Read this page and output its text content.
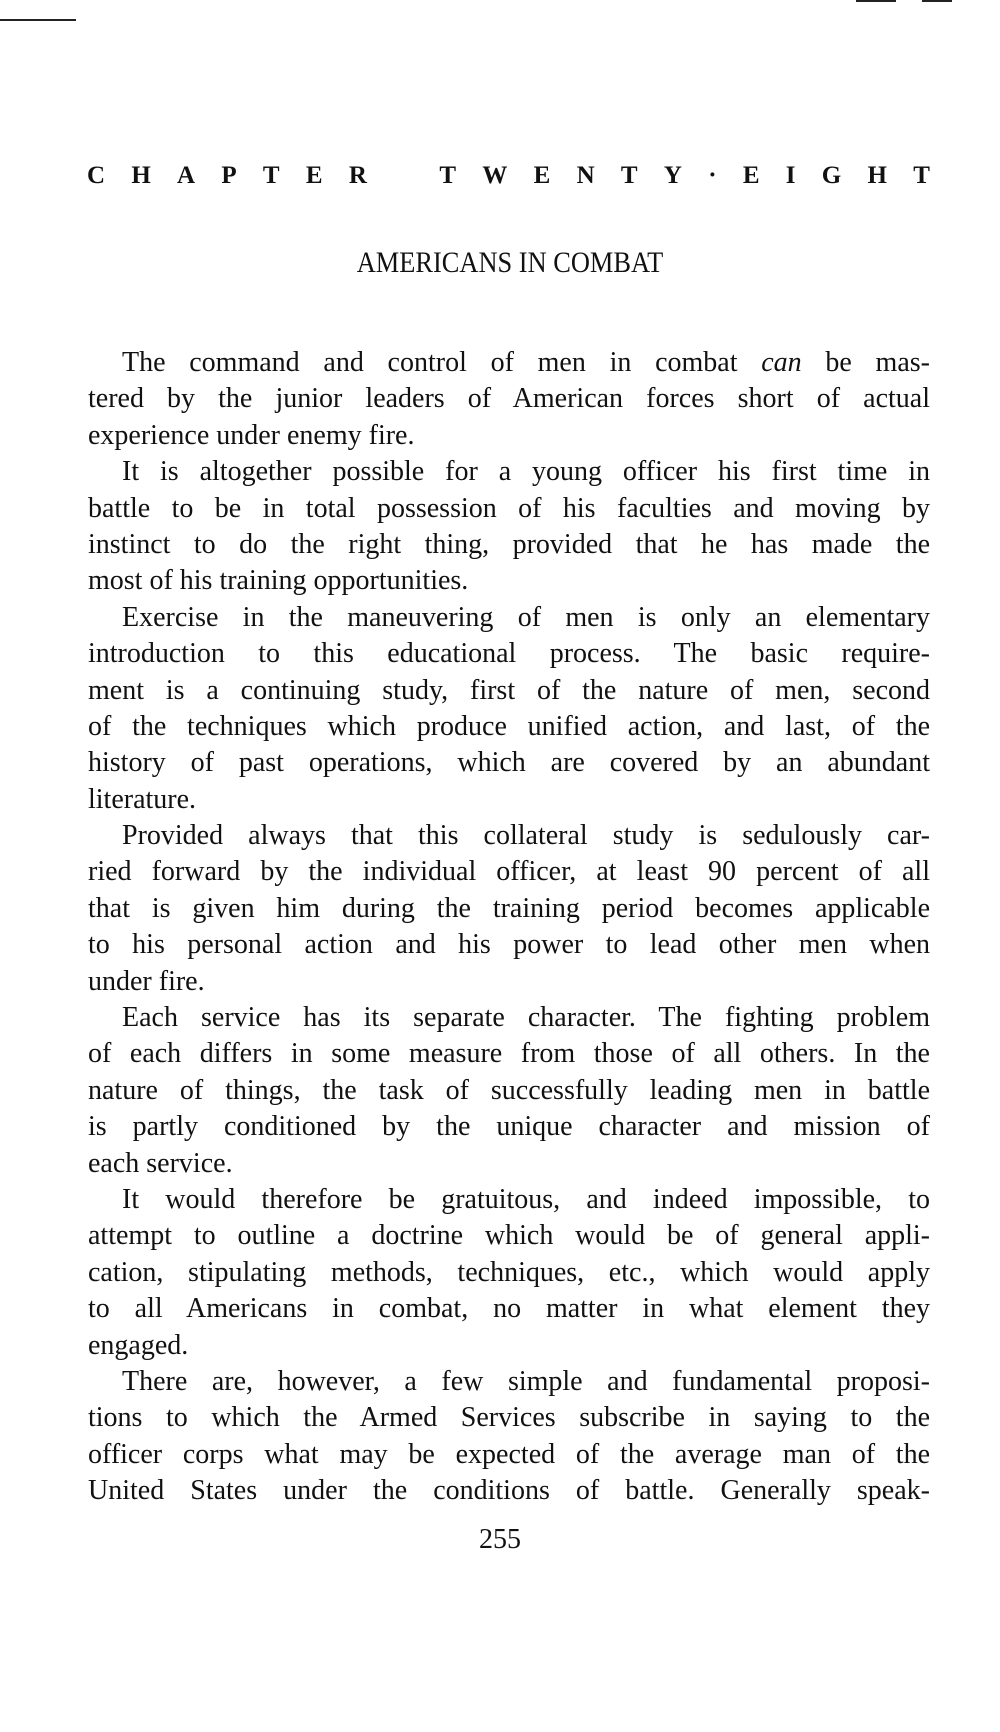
C H A P T E R	T W E N T Y · E I G H T
AMERICANS IN COMBAT
The command and control of men in combat can be mas-
tered by the junior leaders of American forces short of actual
experience under enemy fire.
It is altogether possible for a young officer his first time in
battle to be in total possession of his faculties and moving by
instinct to do the right thing, provided that he has made the
most of his training opportunities.
Exercise in the maneuvering of men is only an elementary
introduction to this educational process. The basic require-
ment is a continuing study, first of the nature of men, second
of the techniques which produce unified action, and last, of the
history of past operations, which are covered by an abundant
literature.
Provided always that this collateral study is sedulously car-
ried forward by the individual officer, at least 90 percent of all
that is given him during the training period becomes applicable
to his personal action and his power to lead other men when
under fire.
Each service has its separate character. The fighting problem
of each differs in some measure from those of all others. In the
nature of things, the task of successfully leading men in battle
is partly conditioned by the unique character and mission of
each service.
It would therefore be gratuitous, and indeed impossible, to
attempt to outline a doctrine which would be of general appli-
cation, stipulating methods, techniques, etc., which would apply
to all Americans in combat, no matter in what element they
engaged.
There are, however, a few simple and fundamental proposi-
tions to which the Armed Services subscribe in saying to the
officer corps what may be expected of the average man of the
United States under the conditions of battle. Generally speak-
255
